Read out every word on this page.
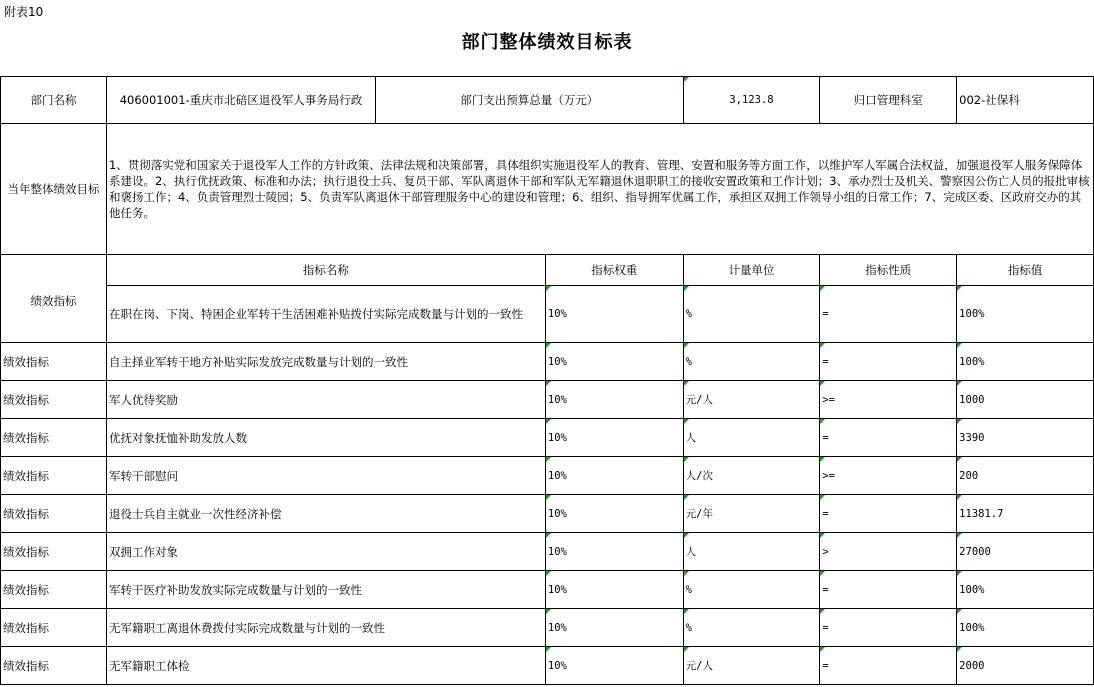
附表10
部门整体绩效目标表
部门名称	406001001-重庆市北碚区退役军人事务局行政	部门支出预算总量（万元）		3,123.8	归口管理科室	002-社保科
当年整体绩效目标	1、贯彻落实党和国家关于退役军人工作的方针政策、法律法规和决策部署，具体组织实施退役军人的教育、管理、安置和服务等方面工作，以维护军人军属合法权益，加强退役军人服务保障体系建设。2、执行优抚政策、标准和办法；执行退役士兵、复员干部、军队离退休干部和军队无军籍退休退职职工的接收安置政策和工作计划；3、承办烈士及机关、警察因公伤亡人员的报批审核和褒扬工作；4、负责管理烈士陵园；5、负责军队离退休干部管理服务中心的建设和管理；6、组织、指导拥军优属工作，承担区双拥工作领导小组的日常工作；7、完成区委、区政府交办的其他任务。					
绩效指标	指标名称		指标权重	计量单位	指标性质	指标值
	在职在岗、下岗、特困企业军转干生活困难补贴拨付实际完成数量与计划的一致性		10%	%	=	100%
绩效指标	自主择业军转干地方补贴实际发放完成数量与计划的一致性		10%	%	=	100%
绩效指标	军人优待奖励		10%	元/人	>=	1000
绩效指标	优抚对象抚恤补助发放人数		10%	人	=	3390
绩效指标	军转干部慰问		10%	人/次	>=	200
绩效指标	退役士兵自主就业一次性经济补偿		10%	元/年	=	11381.7
绩效指标	双拥工作对象		10%	人	>	27000
绩效指标	军转干医疗补助发放实际完成数量与计划的一致性		10%	%	=	100%
绩效指标	无军籍职工离退休费拨付实际完成数量与计划的一致性		10%	%	=	100%
绩效指标	无军籍职工体检		10%	元/人	=	2000
